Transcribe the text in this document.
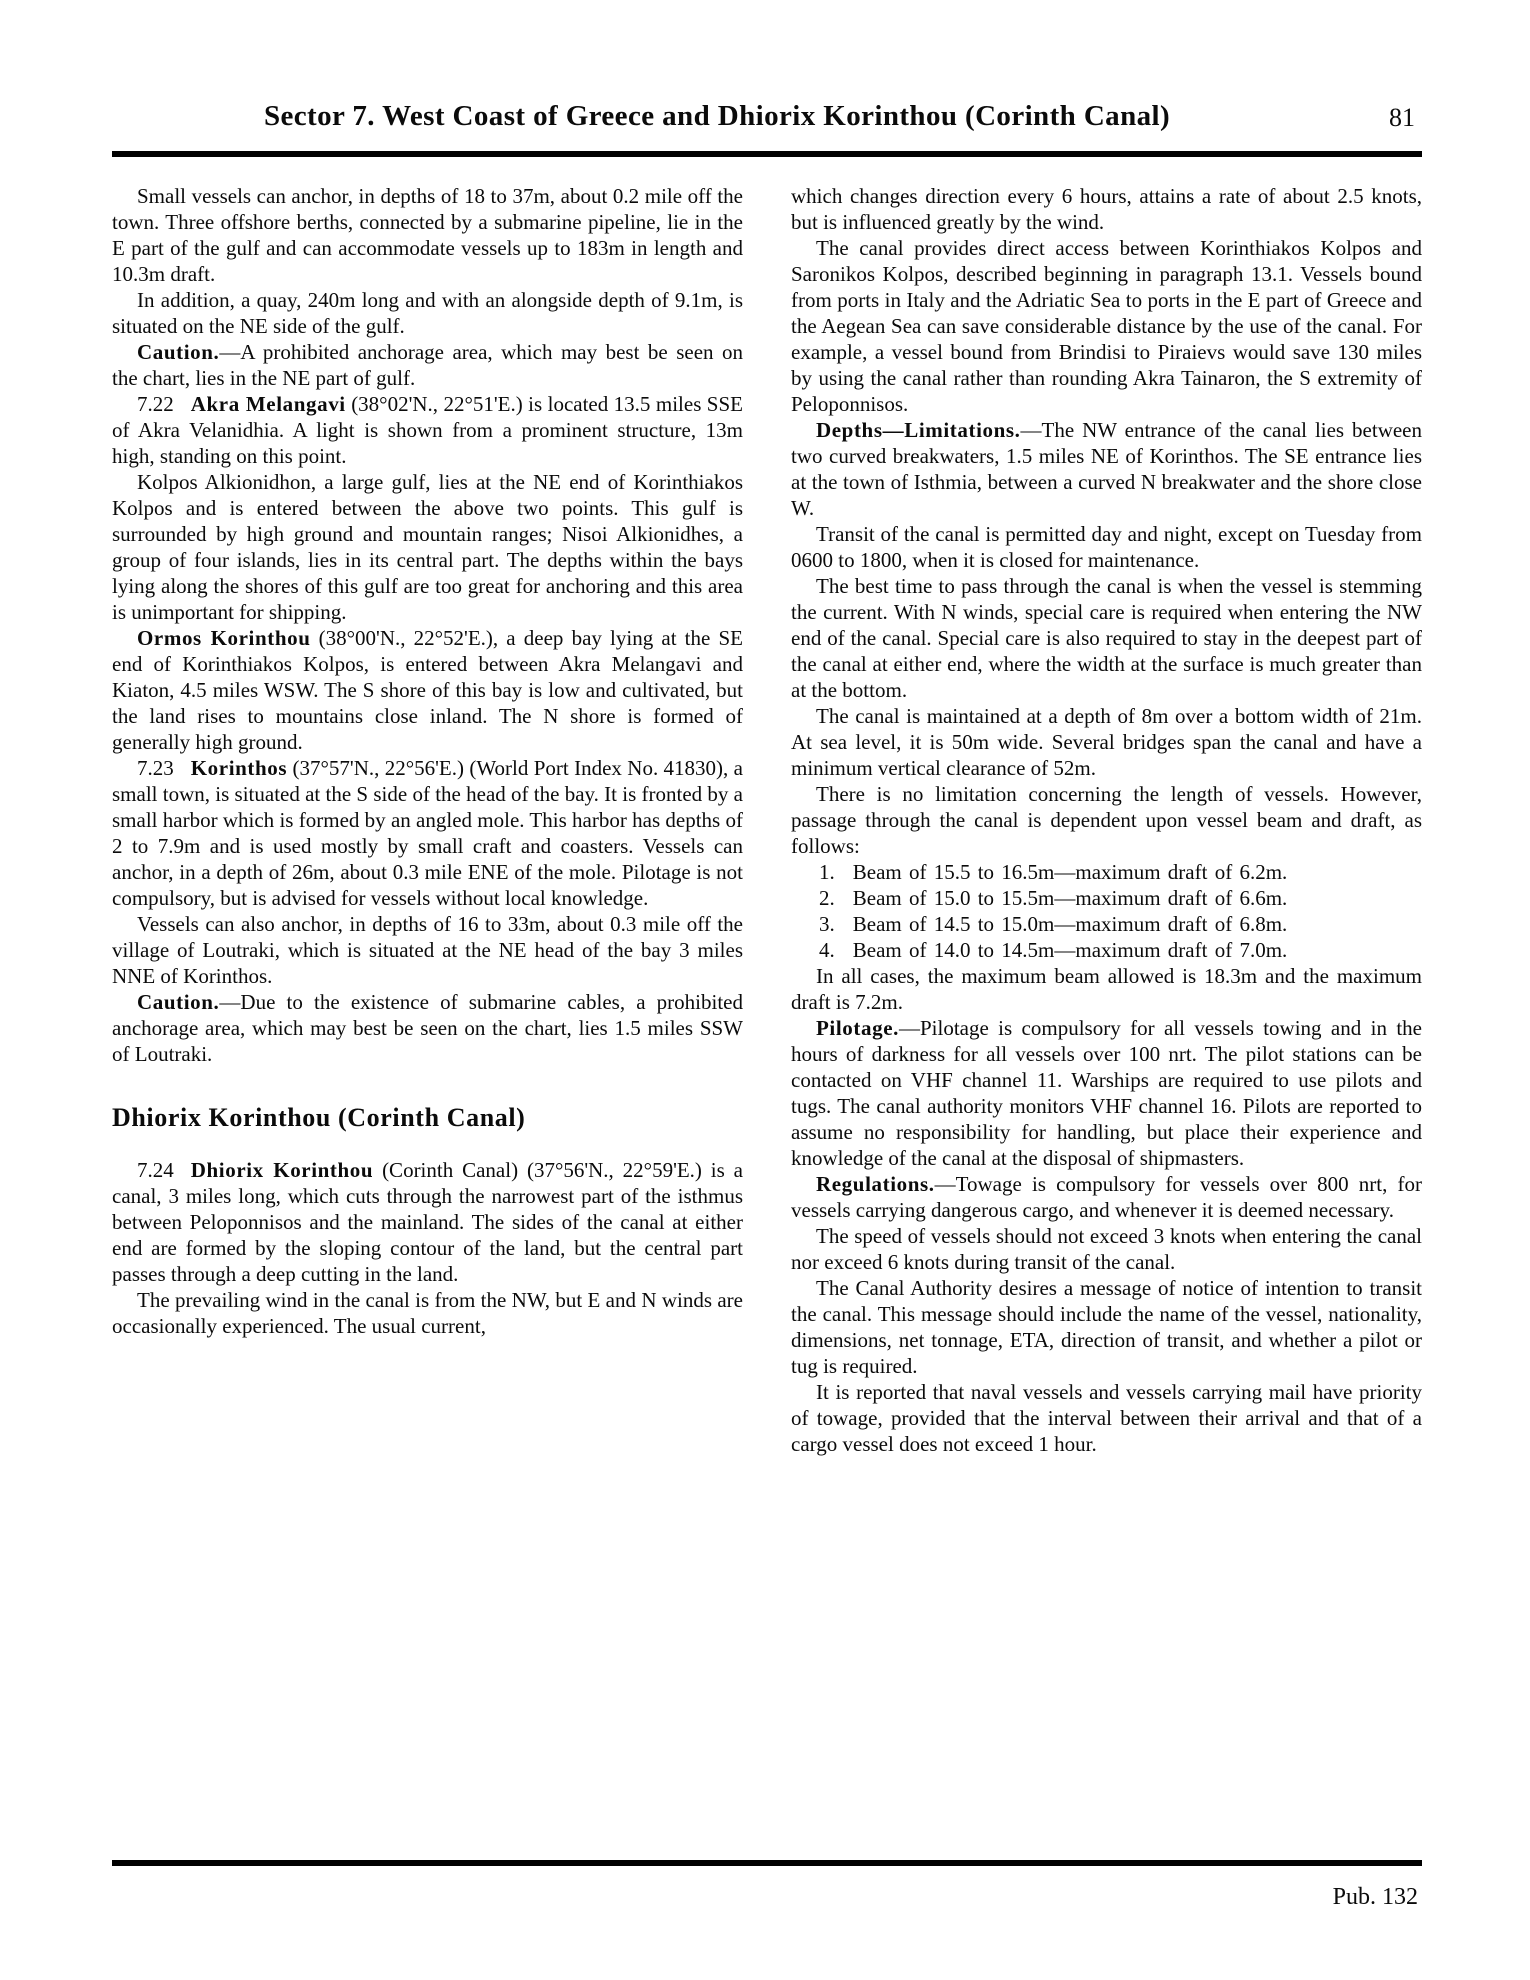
Sector 7. West Coast of Greece and Dhiorix Korinthou (Corinth Canal)	81

Small vessels can anchor, in depths of 18 to 37m, about 0.2 mile off the town. Three offshore berths, connected by a submarine pipeline, lie in the E part of the gulf and can accommodate vessels up to 183m in length and 10.3m draft.

In addition, a quay, 240m long and with an alongside depth of 9.1m, is situated on the NE side of the gulf.

Caution.—A prohibited anchorage area, which may best be seen on the chart, lies in the NE part of gulf.

7.22 Akra Melangavi (38°02'N., 22°51'E.) is located 13.5 miles SSE of Akra Velanidhia. A light is shown from a prominent structure, 13m high, standing on this point.

Kolpos Alkionidhon, a large gulf, lies at the NE end of Korinthiakos Kolpos and is entered between the above two points. This gulf is surrounded by high ground and mountain ranges; Nisoi Alkionidhes, a group of four islands, lies in its central part. The depths within the bays lying along the shores of this gulf are too great for anchoring and this area is unimportant for shipping.

Ormos Korinthou (38°00'N., 22°52'E.), a deep bay lying at the SE end of Korinthiakos Kolpos, is entered between Akra Melangavi and Kiaton, 4.5 miles WSW. The S shore of this bay is low and cultivated, but the land rises to mountains close inland. The N shore is formed of generally high ground.

7.23 Korinthos (37°57'N., 22°56'E.) (World Port Index No. 41830), a small town, is situated at the S side of the head of the bay. It is fronted by a small harbor which is formed by an angled mole. This harbor has depths of 2 to 7.9m and is used mostly by small craft and coasters. Vessels can anchor, in a depth of 26m, about 0.3 mile ENE of the mole. Pilotage is not compulsory, but is advised for vessels without local knowledge.

Vessels can also anchor, in depths of 16 to 33m, about 0.3 mile off the village of Loutraki, which is situated at the NE head of the bay 3 miles NNE of Korinthos.

Caution.—Due to the existence of submarine cables, a prohibited anchorage area, which may best be seen on the chart, lies 1.5 miles SSW of Loutraki.

Dhiorix Korinthou (Corinth Canal)

7.24 Dhiorix Korinthou (Corinth Canal) (37°56'N., 22°59'E.) is a canal, 3 miles long, which cuts through the narrowest part of the isthmus between Peloponnisos and the mainland. The sides of the canal at either end are formed by the sloping contour of the land, but the central part passes through a deep cutting in the land.

The prevailing wind in the canal is from the NW, but E and N winds are occasionally experienced. The usual current,

which changes direction every 6 hours, attains a rate of about 2.5 knots, but is influenced greatly by the wind.

The canal provides direct access between Korinthiakos Kolpos and Saronikos Kolpos, described beginning in paragraph 13.1. Vessels bound from ports in Italy and the Adriatic Sea to ports in the E part of Greece and the Aegean Sea can save considerable distance by the use of the canal. For example, a vessel bound from Brindisi to Piraievs would save 130 miles by using the canal rather than rounding Akra Tainaron, the S extremity of Peloponnisos.

Depths—Limitations.—The NW entrance of the canal lies between two curved breakwaters, 1.5 miles NE of Korinthos. The SE entrance lies at the town of Isthmia, between a curved N breakwater and the shore close W.

Transit of the canal is permitted day and night, except on Tuesday from 0600 to 1800, when it is closed for maintenance.

The best time to pass through the canal is when the vessel is stemming the current. With N winds, special care is required when entering the NW end of the canal. Special care is also required to stay in the deepest part of the canal at either end, where the width at the surface is much greater than at the bottom.

The canal is maintained at a depth of 8m over a bottom width of 21m. At sea level, it is 50m wide. Several bridges span the canal and have a minimum vertical clearance of 52m.

There is no limitation concerning the length of vessels. However, passage through the canal is dependent upon vessel beam and draft, as follows:

1. Beam of 15.5 to 16.5m—maximum draft of 6.2m.

2. Beam of 15.0 to 15.5m—maximum draft of 6.6m.

3. Beam of 14.5 to 15.0m—maximum draft of 6.8m.

4. Beam of 14.0 to 14.5m—maximum draft of 7.0m.

In all cases, the maximum beam allowed is 18.3m and the maximum draft is 7.2m.

Pilotage.—Pilotage is compulsory for all vessels towing and in the hours of darkness for all vessels over 100 nrt. The pilot stations can be contacted on VHF channel 11. Warships are required to use pilots and tugs. The canal authority monitors VHF channel 16. Pilots are reported to assume no responsibility for handling, but place their experience and knowledge of the canal at the disposal of shipmasters.

Regulations.—Towage is compulsory for vessels over 800 nrt, for vessels carrying dangerous cargo, and whenever it is deemed necessary.

The speed of vessels should not exceed 3 knots when entering the canal nor exceed 6 knots during transit of the canal.

The Canal Authority desires a message of notice of intention to transit the canal. This message should include the name of the vessel, nationality, dimensions, net tonnage, ETA, direction of transit, and whether a pilot or tug is required.

It is reported that naval vessels and vessels carrying mail have priority of towage, provided that the interval between their arrival and that of a cargo vessel does not exceed 1 hour.

Pub. 132
